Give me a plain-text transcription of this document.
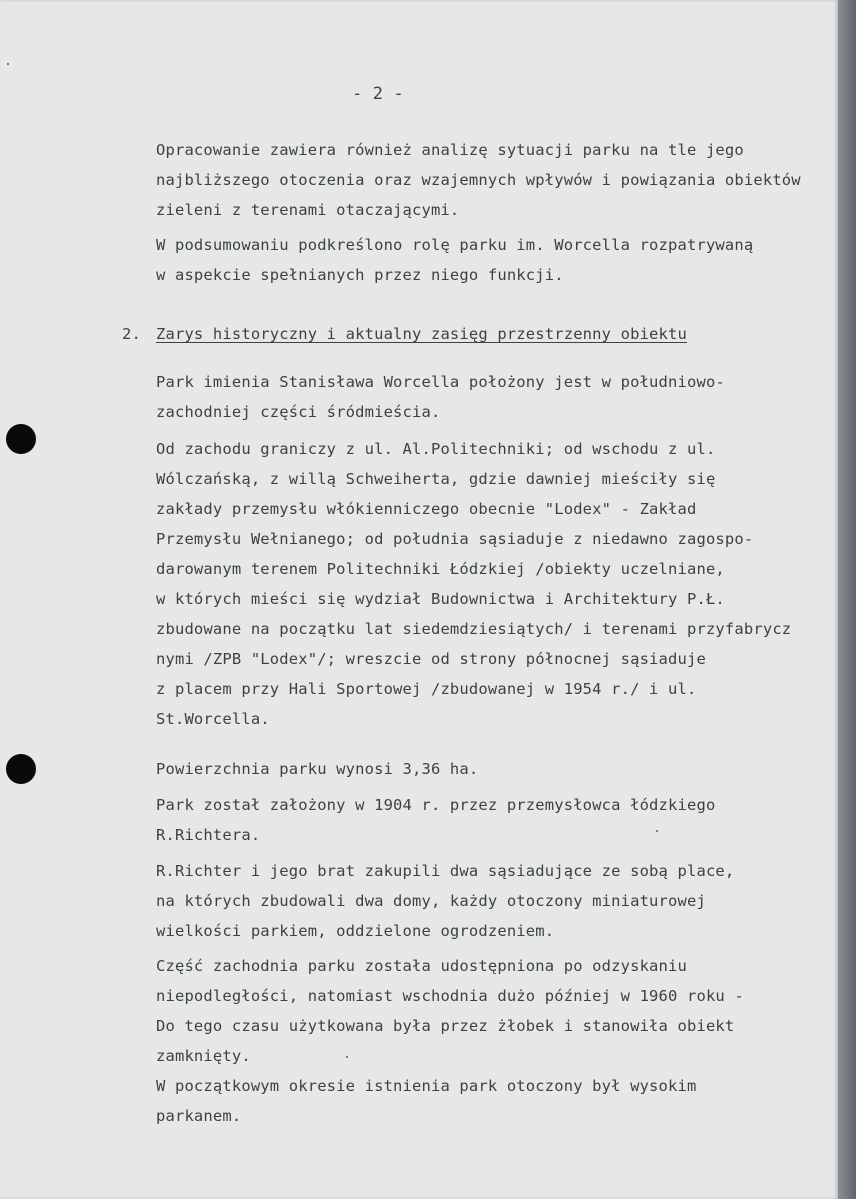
- 2 -
Opracowanie zawiera również analizę sytuacji parku na tle jego
najbliższego otoczenia oraz wzajemnych wpływów i powiązania obiektów
zieleni z terenami otaczającymi.
W podsumowaniu podkreślono rolę parku im. Worcella rozpatrywaną
w aspekcie spełnianych przez niego funkcji.
2. Zarys historyczny i aktualny zasięg przestrzenny obiektu
Park imienia Stanisława Worcella położony jest w południowo-
zachodniej części śródmieścia.
Od zachodu graniczy z ul. Al.Politechniki; od wschodu z ul.
Wólczańską, z willą Schweiherta, gdzie dawniej mieściły się
zakłady przemysłu włókienniczego obecnie "Lodex" - Zakład
Przemysłu Wełnianego; od południa sąsiaduje z niedawno zagospo-
darowanym terenem Politechniki Łódzkiej /obiekty uczelniane,
w których mieści się wydział Budownictwa i Architektury P.Ł.
zbudowane na początku lat siedemdziesiątych/ i terenami przyfabrycz
nymi /ZPB "Lodex"/; wreszcie od strony północnej sąsiaduje
z placem przy Hali Sportowej /zbudowanej w 1954 r./ i ul.
St.Worcella.
Powierzchnia parku wynosi 3,36 ha.
Park został założony w 1904 r. przez przemysłowca łódzkiego
R.Richtera.
R.Richter i jego brat zakupili dwa sąsiadujące ze sobą place,
na których zbudowali dwa domy, każdy otoczony miniaturowej
wielkości parkiem, oddzielone ogrodzeniem.
Część zachodnia parku została udostępniona po odzyskaniu
niepodległości, natomiast wschodnia dużo później w 1960 roku -
Do tego czasu użytkowana była przez żłobek i stanowiła obiekt
zamknięty.
W początkowym okresie istnienia park otoczony był wysokim
parkanem.
